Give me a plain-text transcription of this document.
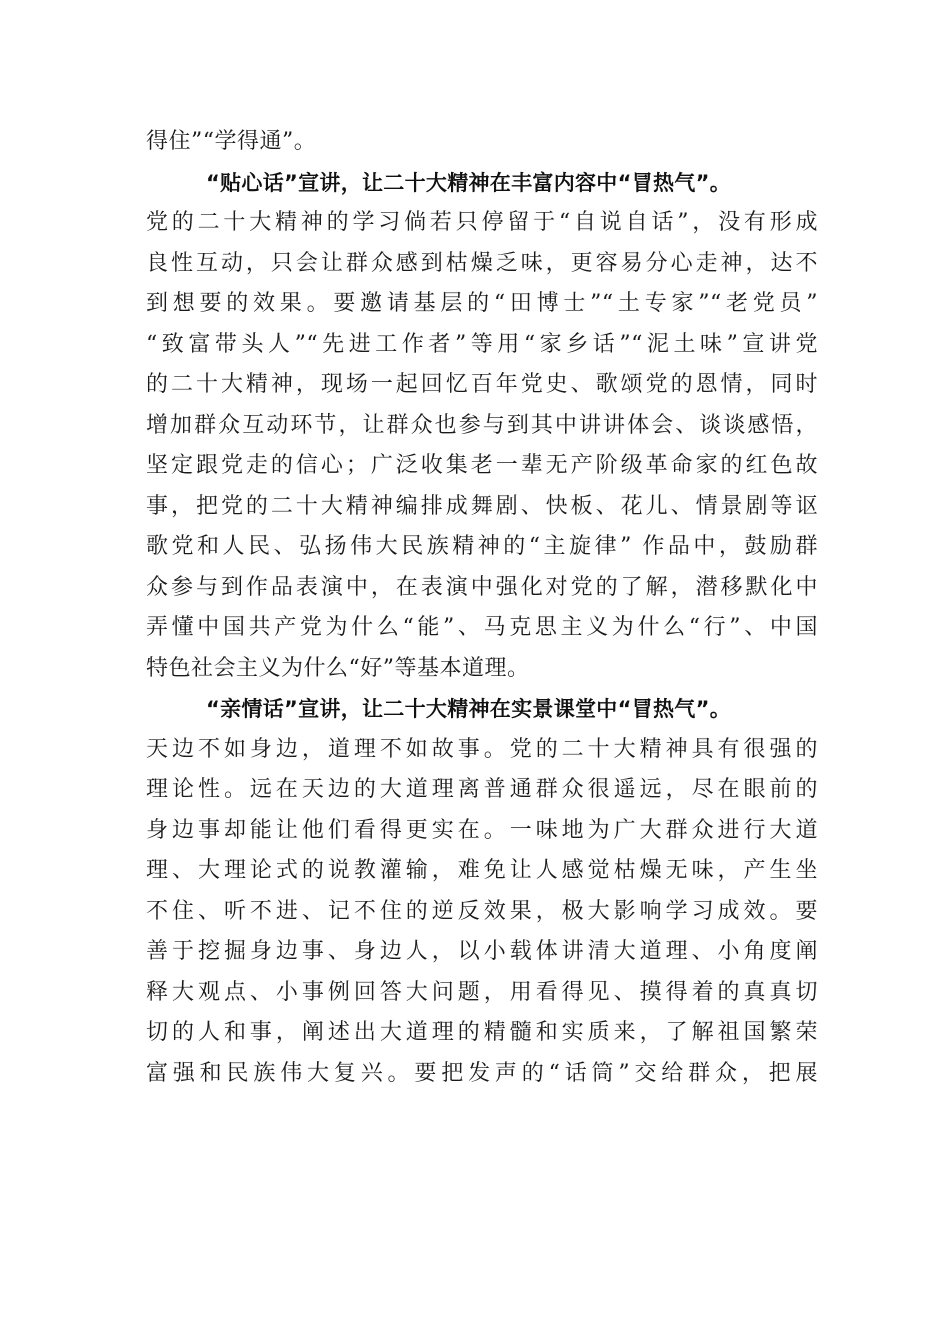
得住”“学得通”。
“贴心话”宣讲，让二十大精神在丰富内容中“冒热气”。
党的二十大精神的学习倘若只停留于“自说自话”，没有形成
良性互动，只会让群众感到枯燥乏味，更容易分心走神，达不
到想要的效果。要邀请基层的“田博士”“土专家”“老党员”
“致富带头人”“先进工作者”等用“家乡话”“泥土味”宣讲党
的二十大精神，现场一起回忆百年党史、歌颂党的恩情，同时
增加群众互动环节，让群众也参与到其中讲讲体会、谈谈感悟，
坚定跟党走的信心；广泛收集老一辈无产阶级革命家的红色故
事，把党的二十大精神编排成舞剧、快板、花儿、情景剧等讴
歌党和人民、弘扬伟大民族精神的“主旋律” 作品中，鼓励群
众参与到作品表演中，在表演中强化对党的了解，潜移默化中
弄懂中国共产党为什么“能”、马克思主义为什么“行”、中国
特色社会主义为什么“好”等基本道理。
“亲情话”宣讲，让二十大精神在实景课堂中“冒热气”。
天边不如身边，道理不如故事。党的二十大精神具有很强的
理论性。远在天边的大道理离普通群众很遥远，尽在眼前的
身边事却能让他们看得更实在。一味地为广大群众进行大道
理、大理论式的说教灌输，难免让人感觉枯燥无味，产生坐
不住、听不进、记不住的逆反效果，极大影响学习成效。要
善于挖掘身边事、身边人，以小载体讲清大道理、小角度阐
释大观点、小事例回答大问题，用看得见、摸得着的真真切
切的人和事，阐述出大道理的精髓和实质来，了解祖国繁荣
富强和民族伟大复兴。要把发声的“话筒”交给群众，把展
